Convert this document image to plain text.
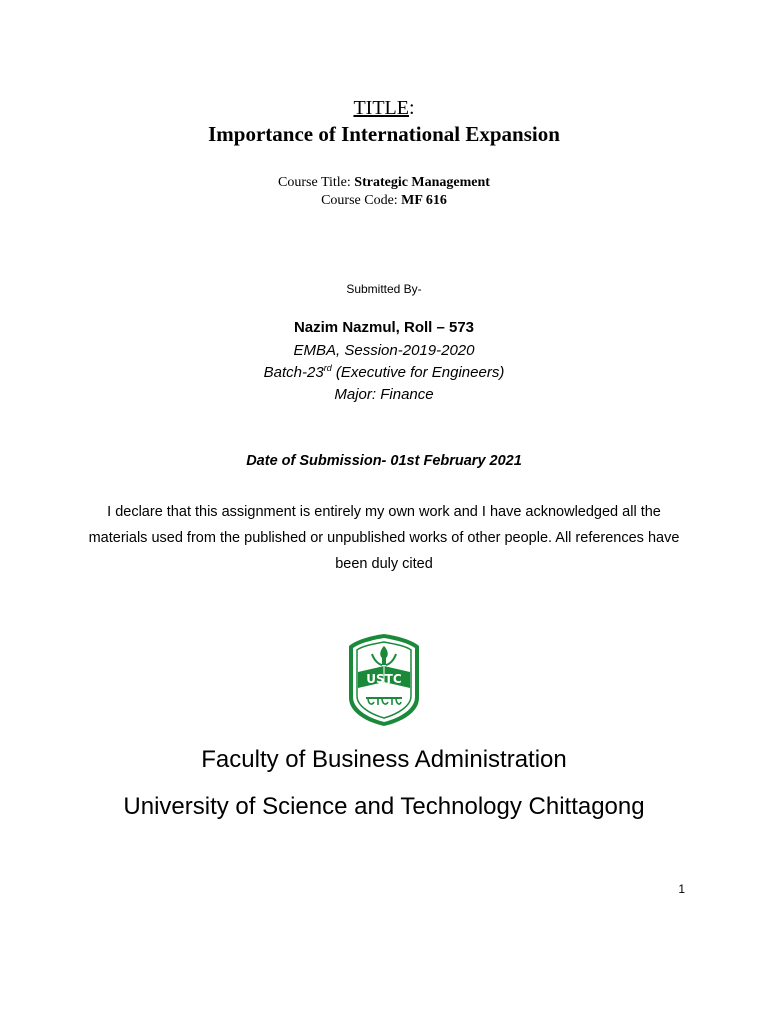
TITLE:
Importance of International Expansion
Course Title: Strategic Management
Course Code: MF 616
Submitted By-
Nazim Nazmul, Roll – 573
EMBA, Session-2019-2020
Batch-23rd (Executive for Engineers)
Major: Finance
Date of Submission- 01st February 2021
I declare that this assignment is entirely my own work and I have acknowledged all the materials used from the published or unpublished works of other people. All references have been duly cited
USTC
Faculty of Business Administration
University of Science and Technology Chittagong
1
